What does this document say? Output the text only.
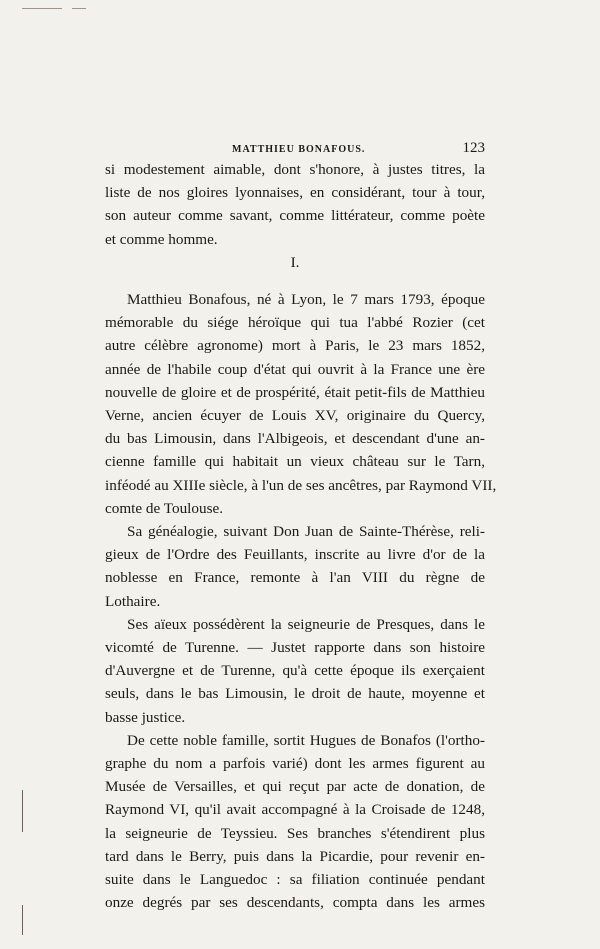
MATTHIEU BONAFOUS.	123
si modestement aimable, dont s'honore, à justes titres, la
liste de nos gloires lyonnaises, en considérant, tour à tour,
son auteur comme savant, comme littérateur, comme poète
et comme homme.
I.
Matthieu Bonafous, né à Lyon, le 7 mars 1793, époque
mémorable du siége héroïque qui tua l'abbé Rozier (cet
autre célèbre agronome) mort à Paris, le 23 mars 1852,
année de l'habile coup d'état qui ouvrit à la France une ère
nouvelle de gloire et de prospérité, était petit-fils de Matthieu
Verne, ancien écuyer de Louis XV, originaire du Quercy,
du bas Limousin, dans l'Albigeois, et descendant d'une an-
cienne famille qui habitait un vieux château sur le Tarn,
inféodé au XIIIe siècle, à l'un de ses ancêtres, par Raymond VII,
comte de Toulouse.
Sa généalogie, suivant Don Juan de Sainte-Thérèse, reli-
gieux de l'Ordre des Feuillants, inscrite au livre d'or de la
noblesse en France, remonte à l'an VIII du règne de
Lothaire.
Ses aïeux possédèrent la seigneurie de Presques, dans le
vicomté de Turenne. — Justet rapporte dans son histoire
d'Auvergne et de Turenne, qu'à cette époque ils exerçaient
seuls, dans le bas Limousin, le droit de haute, moyenne et
basse justice.
De cette noble famille, sortit Hugues de Bonafos (l'ortho-
graphe du nom a parfois varié) dont les armes figurent au
Musée de Versailles, et qui reçut par acte de donation, de
Raymond VI, qu'il avait accompagné à la Croisade de 1248,
la seigneurie de Teyssieu. Ses branches s'étendirent plus
tard dans le Berry, puis dans la Picardie, pour revenir en-
suite dans le Languedoc : sa filiation continuée pendant
onze degrés par ses descendants, compta dans les armes
